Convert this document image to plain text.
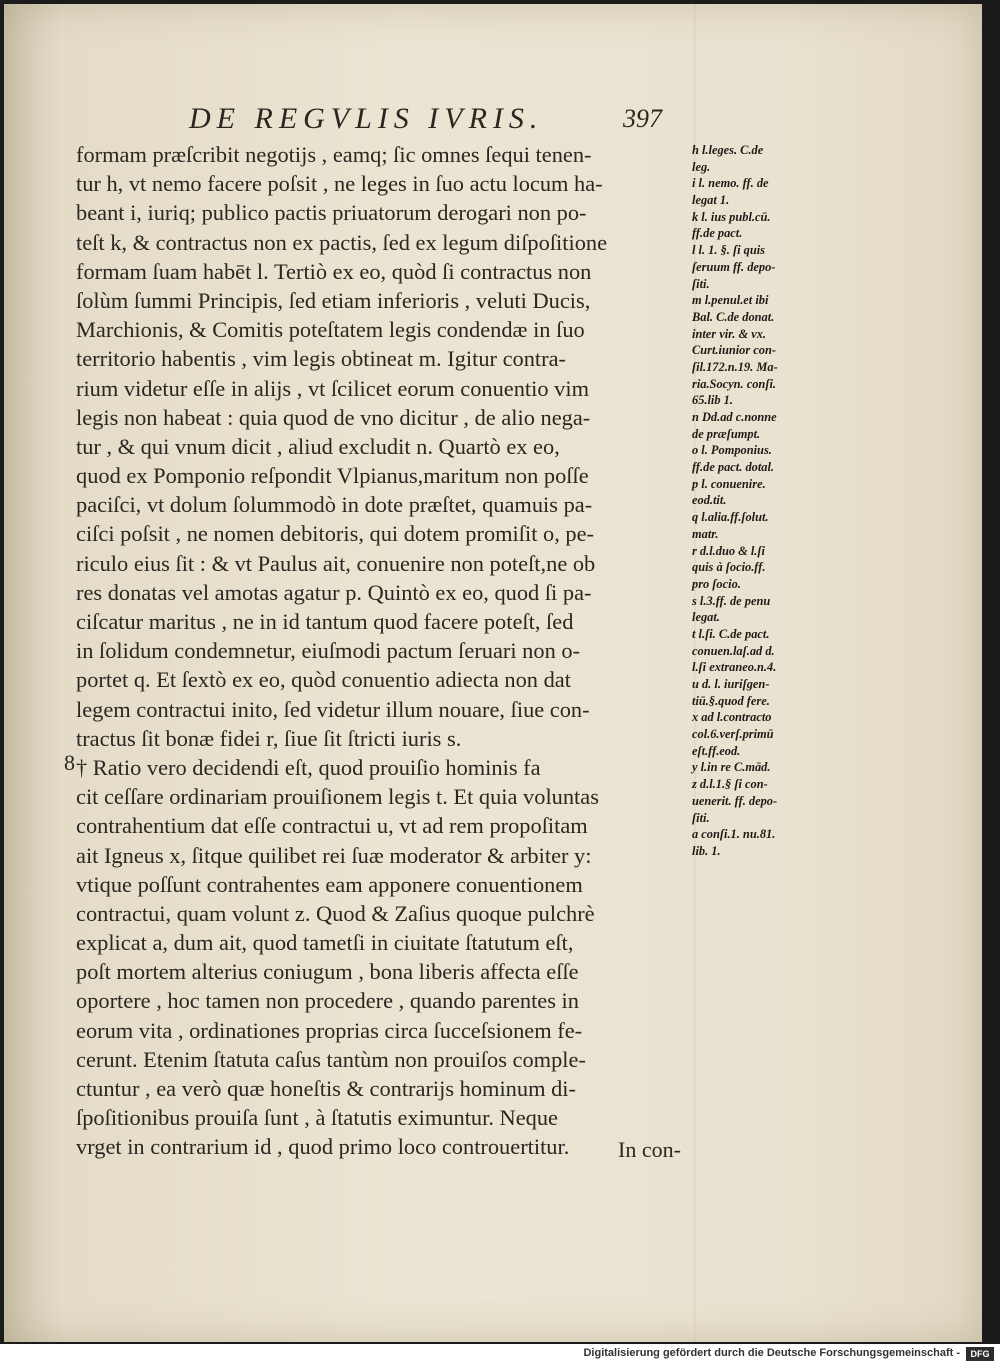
DE REGVLIS IVRIS.	397
formam præſcribit negotijs , eamq; ſic omnes ſequi tenen-
tur h, vt nemo facere poſsit , ne leges in ſuo actu locum ha-
beant i, iuriq; publico pactis priuatorum derogari non po-
teſt k, & contractus non ex pactis, ſed ex legum diſpoſitione
formam ſuam habēt l. Tertiò ex eo, quòd ſi contractus non
ſolùm ſummi Principis, ſed etiam inferioris , veluti Ducis,
Marchionis, & Comitis poteſtatem legis condendæ in ſuo
territorio habentis , vim legis obtineat m. Igitur contra-
rium videtur eſſe in alijs , vt ſcilicet eorum conuentio vim
legis non habeat : quia quod de vno dicitur , de alio nega-
tur , & qui vnum dicit , aliud excludit n. Quartò ex eo,
quod ex Pomponio reſpondit Vlpianus,maritum non poſſe
paciſci, vt dolum ſolummodò in dote præſtet, quamuis pa-
ciſci poſsit , ne nomen debitoris, qui dotem promiſit o, pe-
riculo eius ſit : & vt Paulus ait, conuenire non poteſt,ne ob
res donatas vel amotas agatur p. Quintò ex eo, quod ſi pa-
ciſcatur maritus , ne in id tantum quod facere poteſt, ſed
in ſolidum condemnetur, eiuſmodi pactum ſeruari non o-
portet q. Et ſextò ex eo, quòd conuentio adiecta non dat
legem contractui inito, ſed videtur illum nouare, ſiue con-
tractus ſit bonæ fidei r, ſiue ſit ſtricti iuris s.
† Ratio vero decidendi eſt, quod prouiſio hominis fa
cit ceſſare ordinariam prouiſionem legis t. Et quia voluntas
contrahentium dat eſſe contractui u, vt ad rem propoſitam
ait Igneus x, ſitque quilibet rei ſuæ moderator & arbiter y:
vtique poſſunt contrahentes eam apponere conuentionem
contractui, quam volunt z. Quod & Zaſius quoque pulchrè
explicat a, dum ait, quod tametſi in ciuitate ſtatutum eſt,
poſt mortem alterius coniugum , bona liberis affecta eſſe
oportere , hoc tamen non procedere , quando parentes in
eorum vita , ordinationes proprias circa ſucceſsionem fe-
cerunt. Etenim ſtatuta caſus tantùm non prouiſos comple-
ctuntur , ea verò quæ honeſtis & contrarijs hominum di-
ſpoſitionibus prouiſa ſunt , à ſtatutis eximuntur. Neque
vrget in contrarium id , quod primo loco controuertitur.
h l.leges. C.de
leg.
i l. nemo. ff. de
legat 1.
k l. ius publ.cū.
ff.de pact.
l l. 1. §. ſi quis
ſeruum ff. depo-
ſiti.
m l.penul.et ibi
Bal. C.de donat.
inter vir. & vx.
Curt.iunior con-
ſil.172.n.19. Ma-
ria.Socyn. conſi.
65.lib 1.
n Dd.ad c.nonne
de præſumpt.
o l. Pomponius.
ff.de pact. dotal.
p l. conuenire.
eod.tit.
q l.alia.ff.ſolut.
matr.
r d.l.duo & l.ſi
quis à ſocio.ff.
pro ſocio.
s l.3.ff. de penu
legat.
t l.ſi. C.de pact.
conuen.laſ.ad d.
l.ſi extraneo.n.4.
u d. l. iuriſgen-
tiū.§.quod fere.
x ad l.contracto
col.6.verſ.primū
eſt.ff.eod.
y l.in re C.mād.
z d.l.1.§ ſi con-
uenerit. ff. depo-
ſiti.
a conſi.1. nu.81.
lib. 1.
8
In con-
Digitalisierung gefördert durch die Deutsche Forschungsgemeinschaft -	DFG
